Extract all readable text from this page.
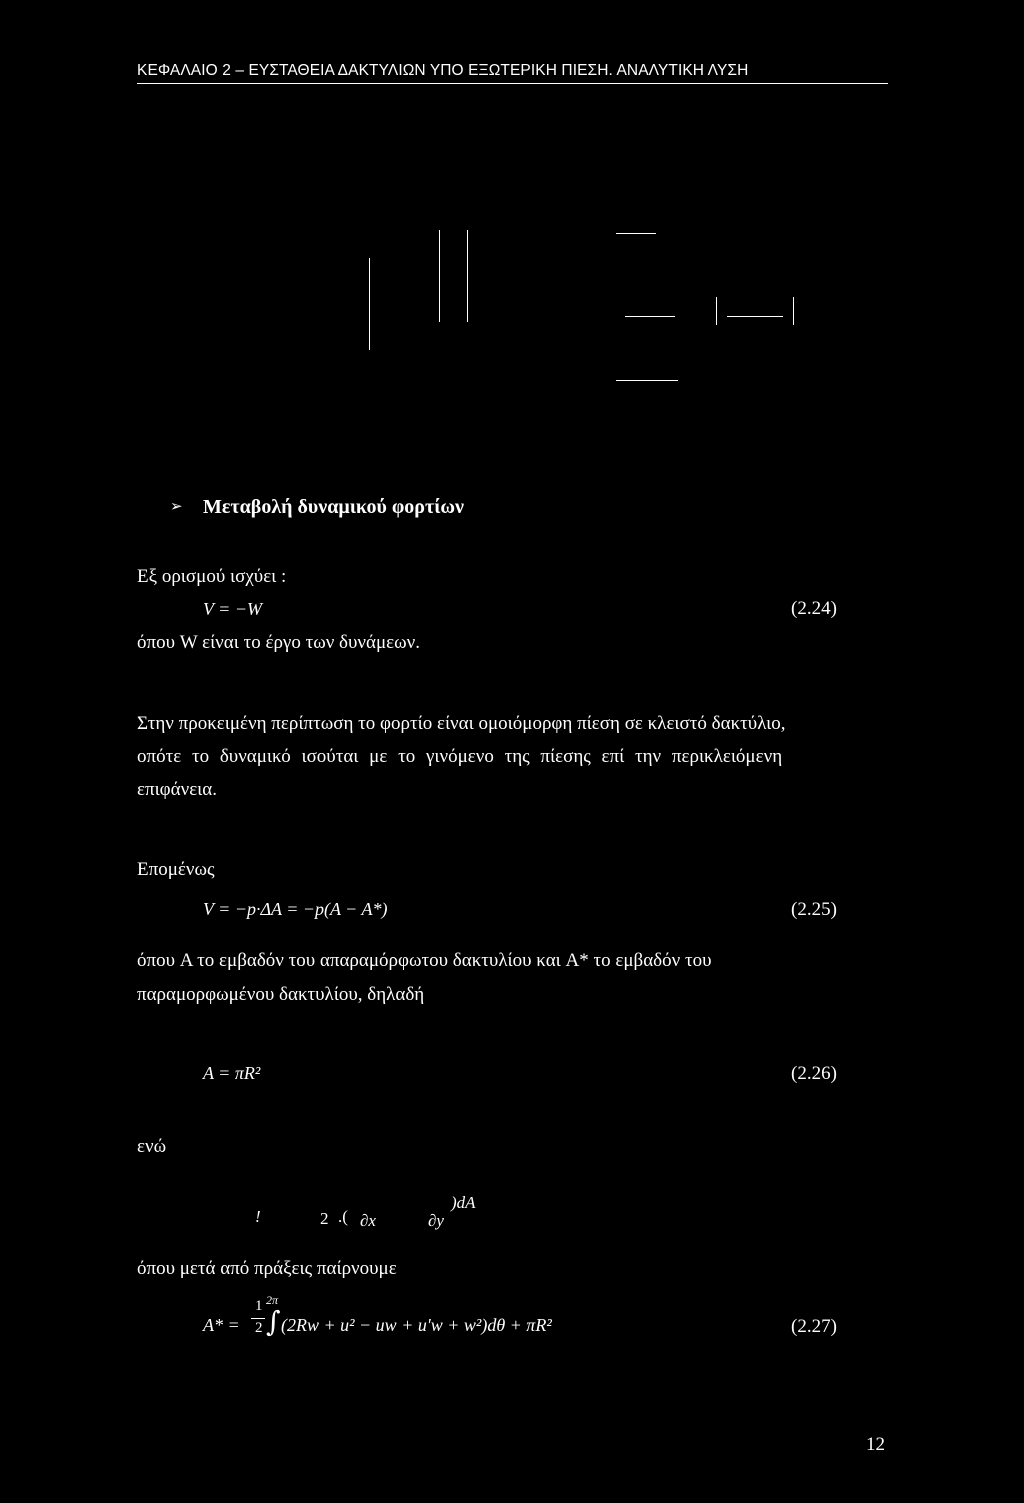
ΚΕΦΑΛΑΙΟ 2 – ΕΥΣΤΑΘΕΙΑ ΔΑΚΤΥΛΙΩΝ ΥΠΟ ΕΞΩΤΕΡΙΚΗ ΠΙΕΣΗ. ΑΝΑΛΥΤΙΚΗ ΛΥΣΗ
➢ Μεταβολή δυναμικού φορτίων
Εξ ορισμού ισχύει :
V = −W	(2.24)
όπου W είναι το έργο των δυνάμεων.
Στην προκειμένη περίπτωση το φορτίο είναι ομοιόμορφη πίεση σε κλειστό δακτύλιο,
οπότε το δυναμικό ισούται με το γινόμενο της πίεσης επί την περικλειόμενη
επιφάνεια.
Επομένως
V = −p·ΔA = −p(A − A*)	(2.25)
όπου A το εμβαδόν του απαραμόρφωτου δακτυλίου και A* το εμβαδόν του
παραμορφωμένου δακτυλίου, δηλαδή
A = πR²	(2.26)
ενώ
!	2 .( ∂x	∂y
)dA
όπου μετά από πράξεις παίρνουμε
A* =
1
2
2π
∫ (2Rw + u² − uw + u′w + w²)dθ + πR²	(2.27)
12
